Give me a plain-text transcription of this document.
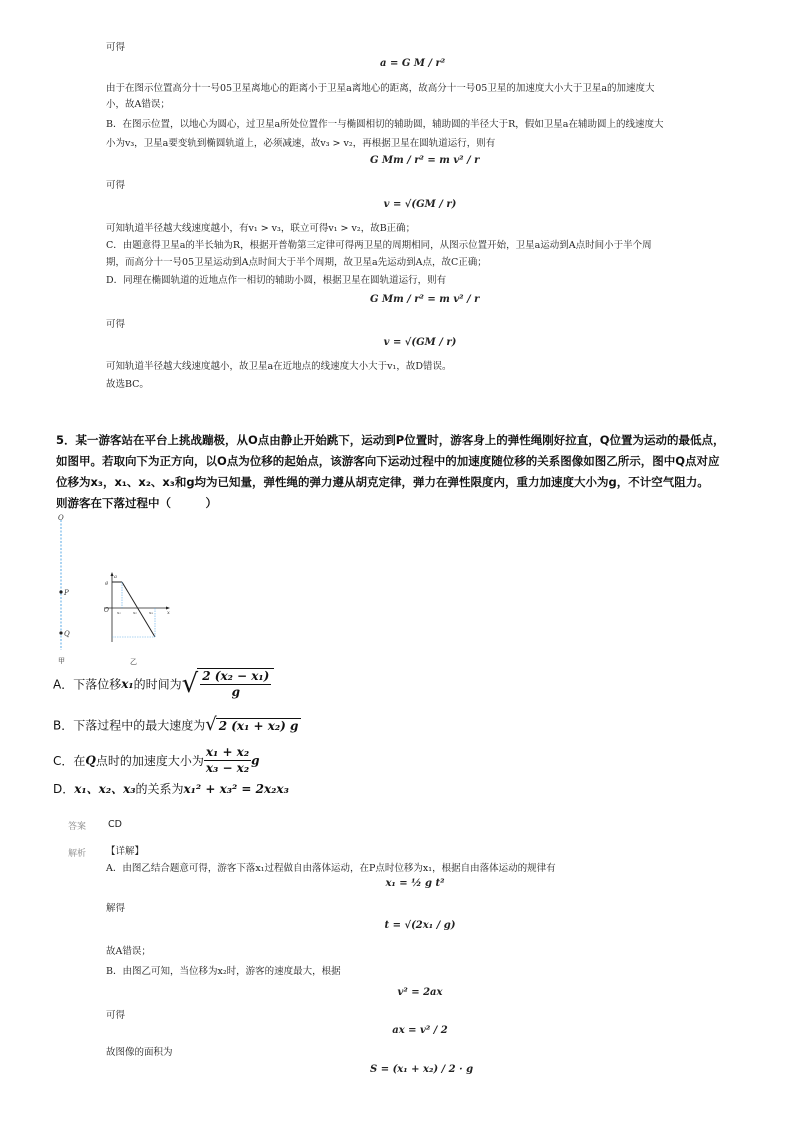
可得
a = G M / r²
由于在图示位置高分十一号05卫星离地心的距离小于卫星a离地心的距离，故高分十一号05卫星的加速度大小大于卫星a的加速度大
小，故A错误；
B．在图示位置，以地心为圆心，过卫星a所处位置作一与椭圆相切的辅助圆，辅助圆的半径大于R，假如卫星a在辅助圆上的线速度大
小为v₃，卫星a要变轨到椭圆轨道上，必须减速，故v₃ > v₂，再根据卫星在圆轨道运行，则有
G Mm / r² = m v² / r
可得
v = √(GM / r)
可知轨道半径越大线速度越小，有v₁ > v₃，联立可得v₁ > v₂，故B正确；
C．由题意得卫星a的半长轴为R，根据开普勒第三定律可得两卫星的周期相同，从图示位置开始，卫星a运动到A点时间小于半个周
期，而高分十一号05卫星运动到A点时间大于半个周期，故卫星a先运动到A点，故C正确；
D．同理在椭圆轨道的近地点作一相切的辅助小圆，根据卫星在圆轨道运行，则有
G Mm / r² = m v² / r
可得
v = √(GM / r)
可知轨道半径越大线速度越小，故卫星a在近地点的线速度大小大于v₁，故D错误。
故选BC。
5．某一游客站在平台上挑战蹦极，从O点由静止开始跳下，运动到P位置时，游客身上的弹性绳刚好拉直，Q位置为运动的最低点，
如图甲。若取向下为正方向，以O点为位移的起始点，该游客向下运动过程中的加速度随位移的关系图像如图乙所示，图中Q点对应
位移为x₃，x₁、x₂、x₃和g均为已知量，弹性绳的弹力遵从胡克定律，弹力在弹性限度内，重力加速度大小为g，不计空气阻力。
则游客在下落过程中（　　　）
O
P
Q
甲
a
g
O	x
x₁	x₂	x₃
乙
A．下落位移x₁的时间为√ $\frac{\text{2 (x₂ − x₁)}}{g}$
B．下落过程中的最大速度为√ 2 (x₁ + x₂) g
C．在Q点时的加速度大小为 $\frac{\text{x₁ + x₂}}{\text{x₃ − x₂}}$ g
D．x₁、x₂、x₃的关系为x₁² + x₃² = 2x₂x₃
答案 CD
解析 【详解】
A．由图乙结合题意可得，游客下落x₁过程做自由落体运动，在P点时位移为x₁，根据自由落体运动的规律有
x₁ = ½ g t²
解得
t = √(2x₁ / g)
故A错误；
B．由图乙可知，当位移为x₂时，游客的速度最大，根据
v² = 2ax
可得
ax = v² / 2
故图像的面积为
S = (x₁ + x₂) / 2 · g
